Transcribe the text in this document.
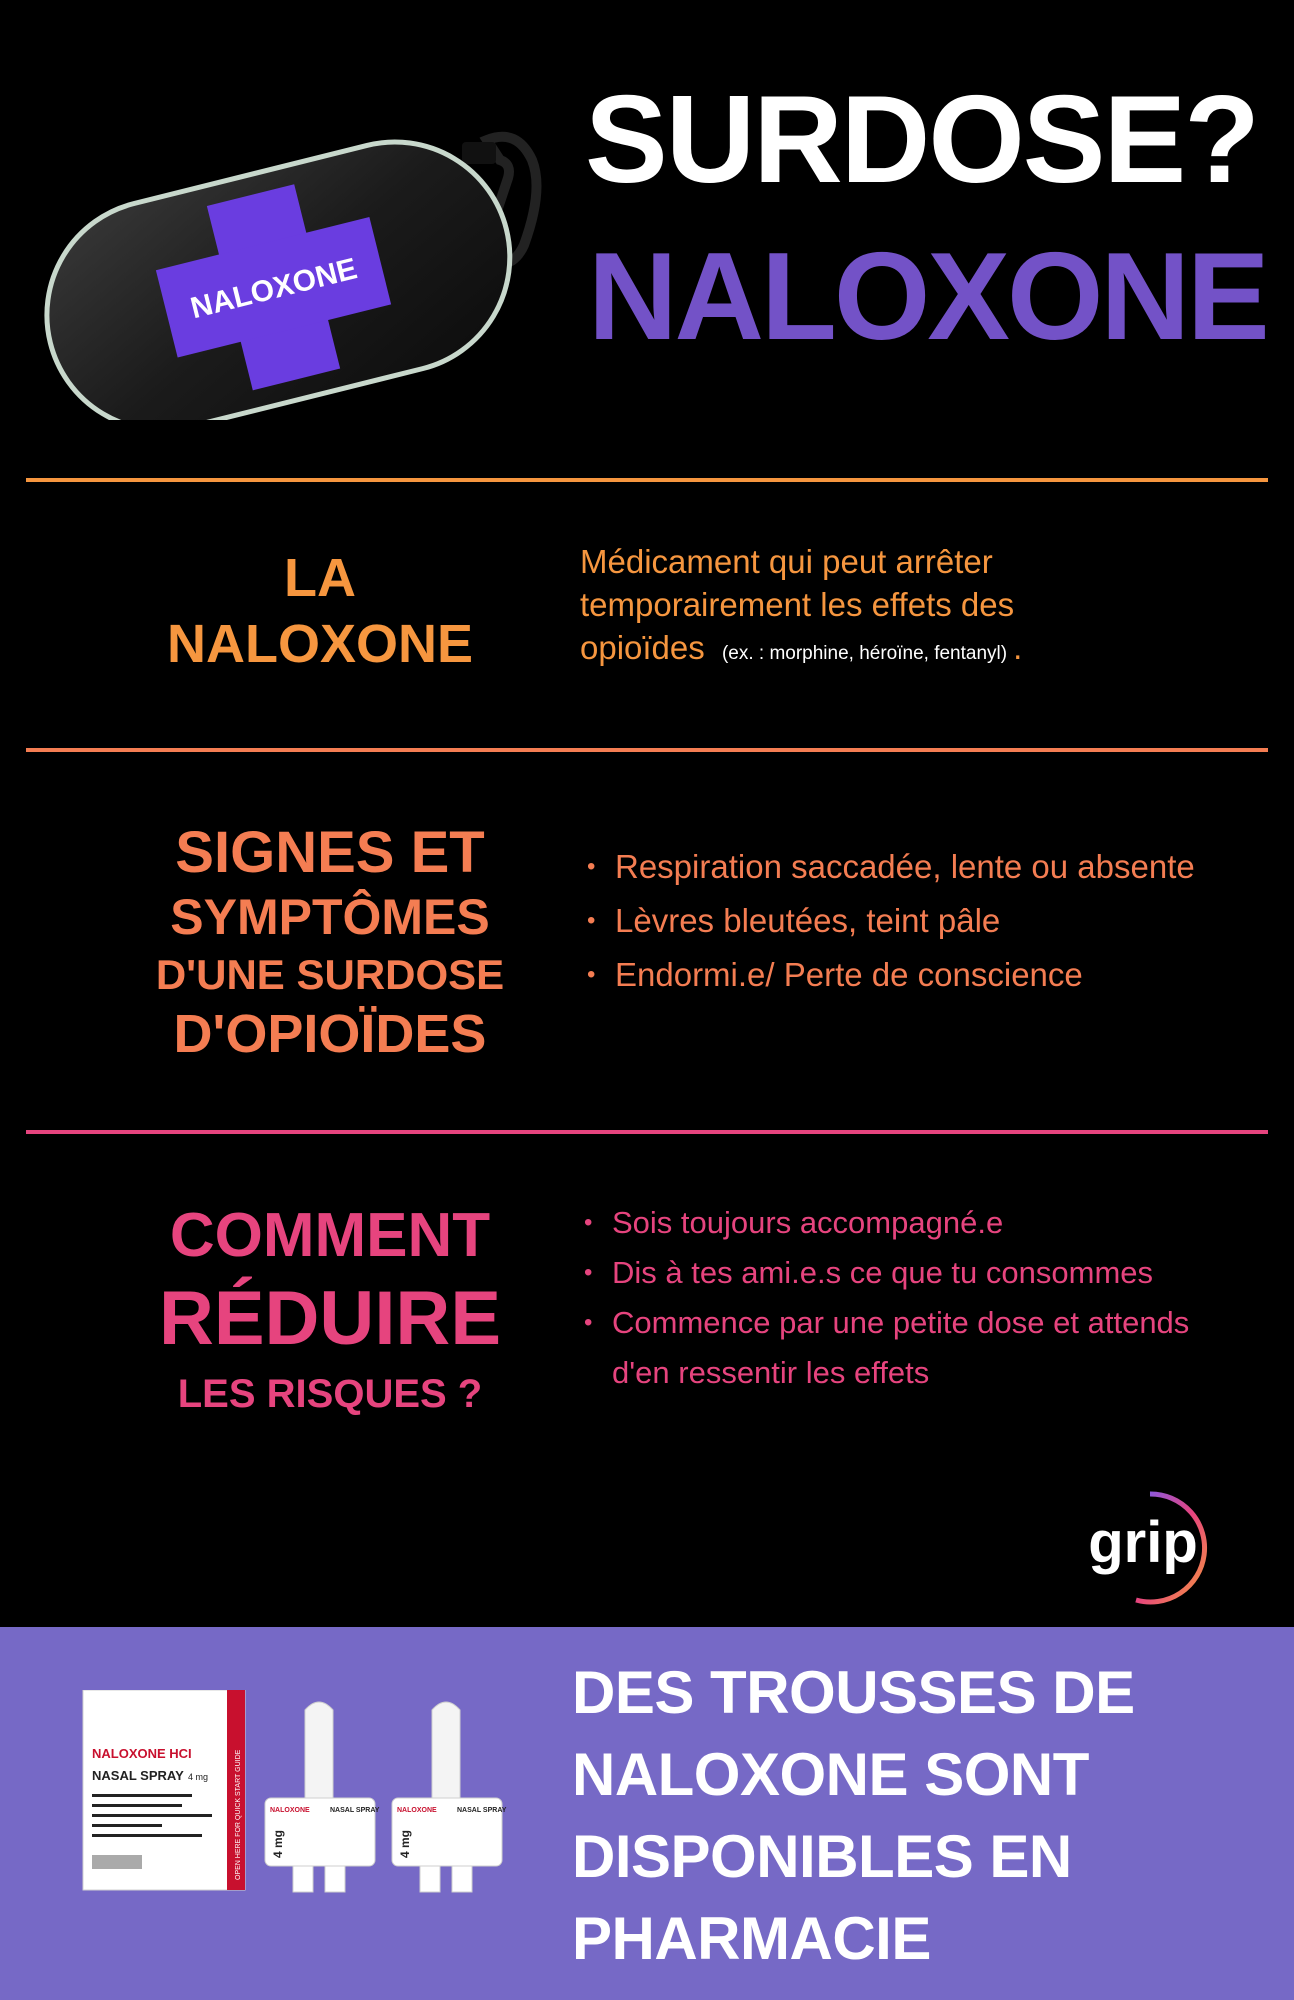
NALOXONE
SURDOSE?
NALOXONE
LA
NALOXONE
Médicament qui peut arrêter
temporairement les effets des
opioïdes (ex. : morphine, héroïne, fentanyl) .
SIGNES ET
SYMPTÔMES
D'UNE SURDOSE
D'OPIOÏDES
• Respiration saccadée, lente ou absente
• Lèvres bleutées, teint pâle
• Endormi.e/ Perte de conscience
COMMENT
RÉDUIRE
LES RISQUES ?
• Sois toujours accompagné.e
• Dis à tes ami.e.s ce que tu consommes
• Commence par une petite dose et attends d'en ressentir les effets
grip
NALOXONE HCI
NASAL SPRAY 4 mg	OPEN HERE FOR QUICK START GUIDE	NALOXONE	NASAL SPRAY
4 mg
NALOXONE	NASAL SPRAY
4 mg
DES TROUSSES DE
NALOXONE SONT
DISPONIBLES EN
PHARMACIE
